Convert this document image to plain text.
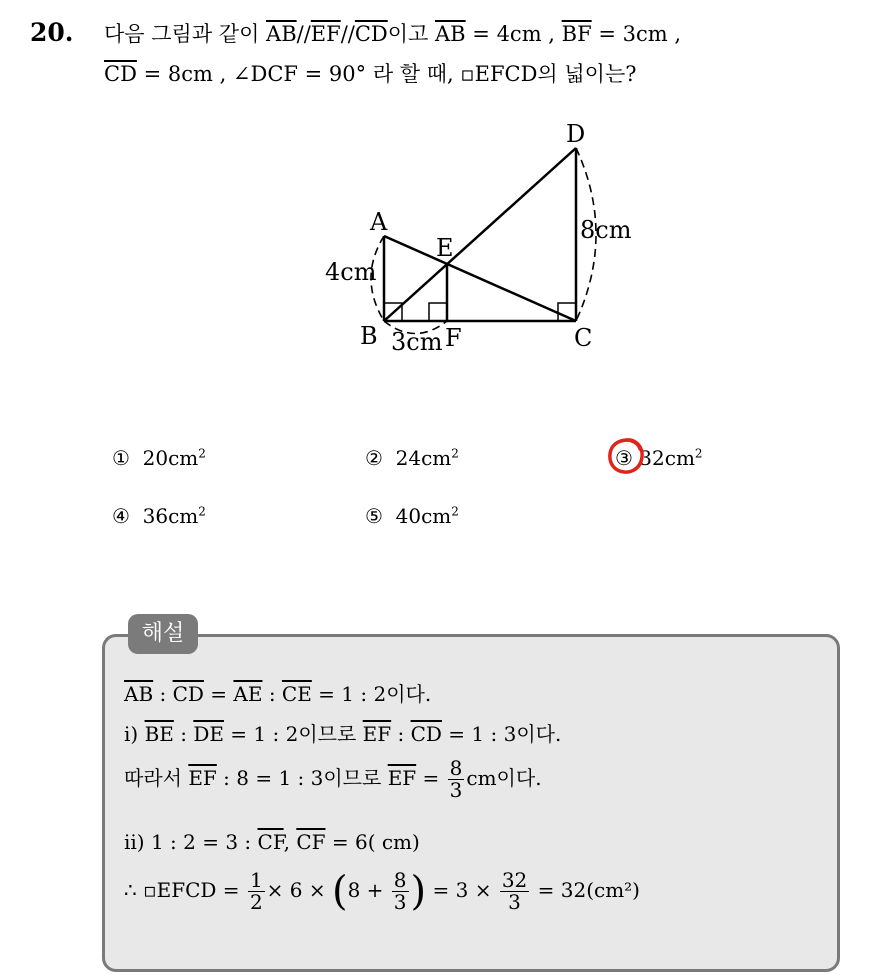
20. 다음 그림과 같이 $\overline{AB}//\overline{EF}//\overline{CD}$이고 $\overline{AB} = 4cm$ , $\overline{BF} = 3cm$ ,
$\overline{CD} = 8cm$ , ∠DCF = 90° 라 할 때, ▫EFCD의 넓이는?
D
A
E
B	F	C
4cm
3cm
8cm
① $20cm^2$	② $24cm^2$	③ $32cm^2$
④ $36cm^2$	⑤ $40cm^2$
해설
$\overline{AB}$ : $\overline{CD} = \overline{AE}$ : $\overline{CE} = 1$ : 2이다.
ⅰ) $\overline{BE}$ : $\overline{DE} = 1$ : 2이므로 $\overline{EF}$ : $\overline{CD} = 1$ : 3이다.
따라서 $\overline{EF}$ : 8 = 1 : 3이므로 $\overline{EF} = \frac{8}{3}$ cm이다.
ⅱ) 1 : 2 = 3 : $\overline{CF}$, $\overline{CF} = 6$( cm)
∴ ▫EFCD = $\frac{1}{2} \times 6 \times (8 + \frac{8}{3}$ ) = $3 \times \frac{32}{3} = 32(cm^2)$
